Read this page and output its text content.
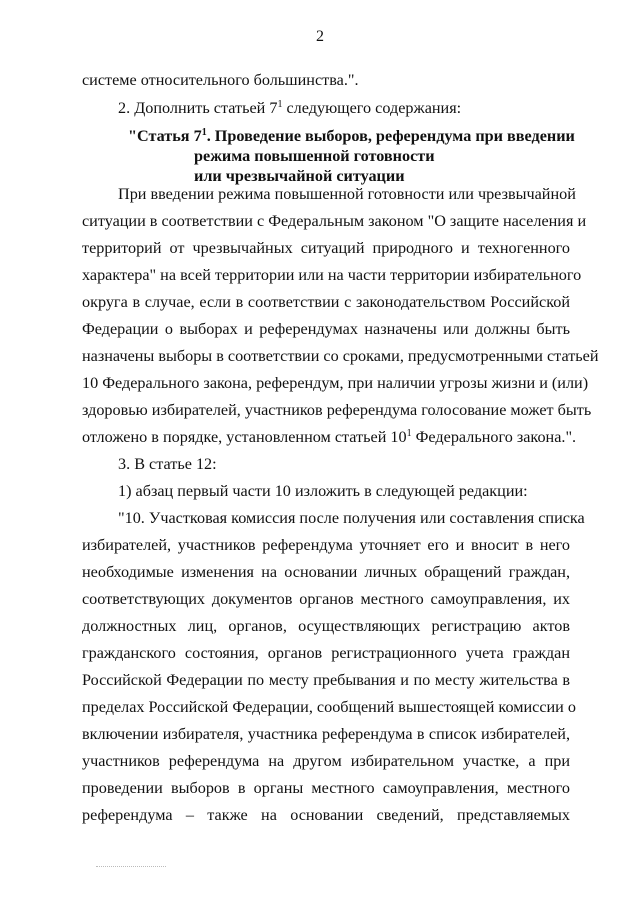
2
системе относительного большинства.".
2. Дополнить статьей $7^1$ следующего содержания:
"Статья $7^1$. Проведение выборов, референдума при введении
режима повышенной готовности
или чрезвычайной ситуации
При введении режима повышенной готовности или чрезвычайной
ситуации в соответствии с Федеральным законом "О защите населения и
территорий от чрезвычайных ситуаций природного и техногенного
характера" на всей территории или на части территории избирательного
округа в случае, если в соответствии с законодательством Российской
Федерации о выборах и референдумах назначены или должны быть
назначены выборы в соответствии со сроками, предусмотренными статьей
10 Федерального закона, референдум, при наличии угрозы жизни и (или)
здоровью избирателей, участников референдума голосование может быть
отложено в порядке, установленном статьей $10^1$ Федерального закона.".
3. В статье 12:
1) абзац первый части 10 изложить в следующей редакции:
"10. Участковая комиссия после получения или составления списка
избирателей, участников референдума уточняет его и вносит в него
необходимые изменения на основании личных обращений граждан,
соответствующих документов органов местного самоуправления, их
должностных лиц, органов, осуществляющих регистрацию актов
гражданского состояния, органов регистрационного учета граждан
Российской Федерации по месту пребывания и по месту жительства в
пределах Российской Федерации, сообщений вышестоящей комиссии о
включении избирателя, участника референдума в список избирателей,
участников референдума на другом избирательном участке, а при
проведении выборов в органы местного самоуправления, местного
референдума – также на основании сведений, представляемых
